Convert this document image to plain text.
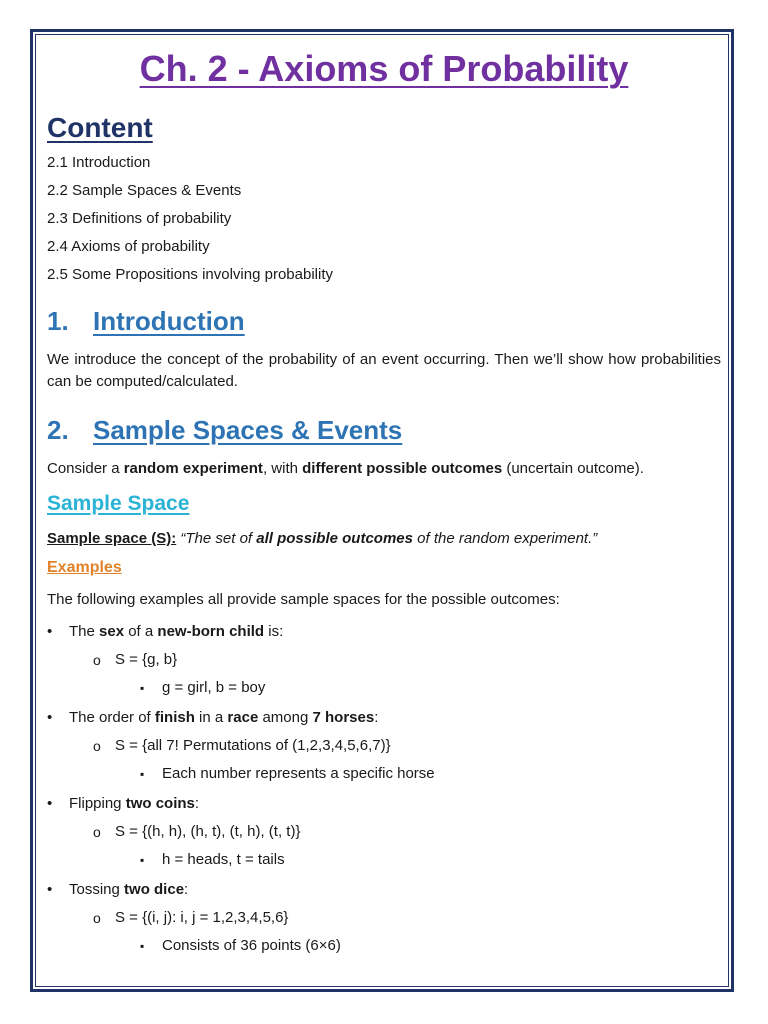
Ch. 2 - Axioms of Probability
Content
2.1 Introduction
2.2 Sample Spaces & Events
2.3 Definitions of probability
2.4 Axioms of probability
2.5 Some Propositions involving probability
1. Introduction

We introduce the concept of the probability of an event occurring. Then we’ll show how probabilities can be computed/calculated.

2. Sample Spaces & Events

Consider a random experiment, with different possible outcomes (uncertain outcome).

Sample Space
Sample space (S): “The set of all possible outcomes of the random experiment.”
Examples

The following examples all provide sample spaces for the possible outcomes:

• The sex of a new-born child is:
o S = {g, b}
▪ g = girl, b = boy
• The order of finish in a race among 7 horses:
o S = {all 7! Permutations of (1,2,3,4,5,6,7)}
▪ Each number represents a specific horse
• Flipping two coins:
o S = {(h, h), (h, t), (t, h), (t, t)}
▪ h = heads, t = tails
• Tossing two dice:
o S = {(i, j): i, j = 1,2,3,4,5,6}
▪ Consists of 36 points (6×6)
